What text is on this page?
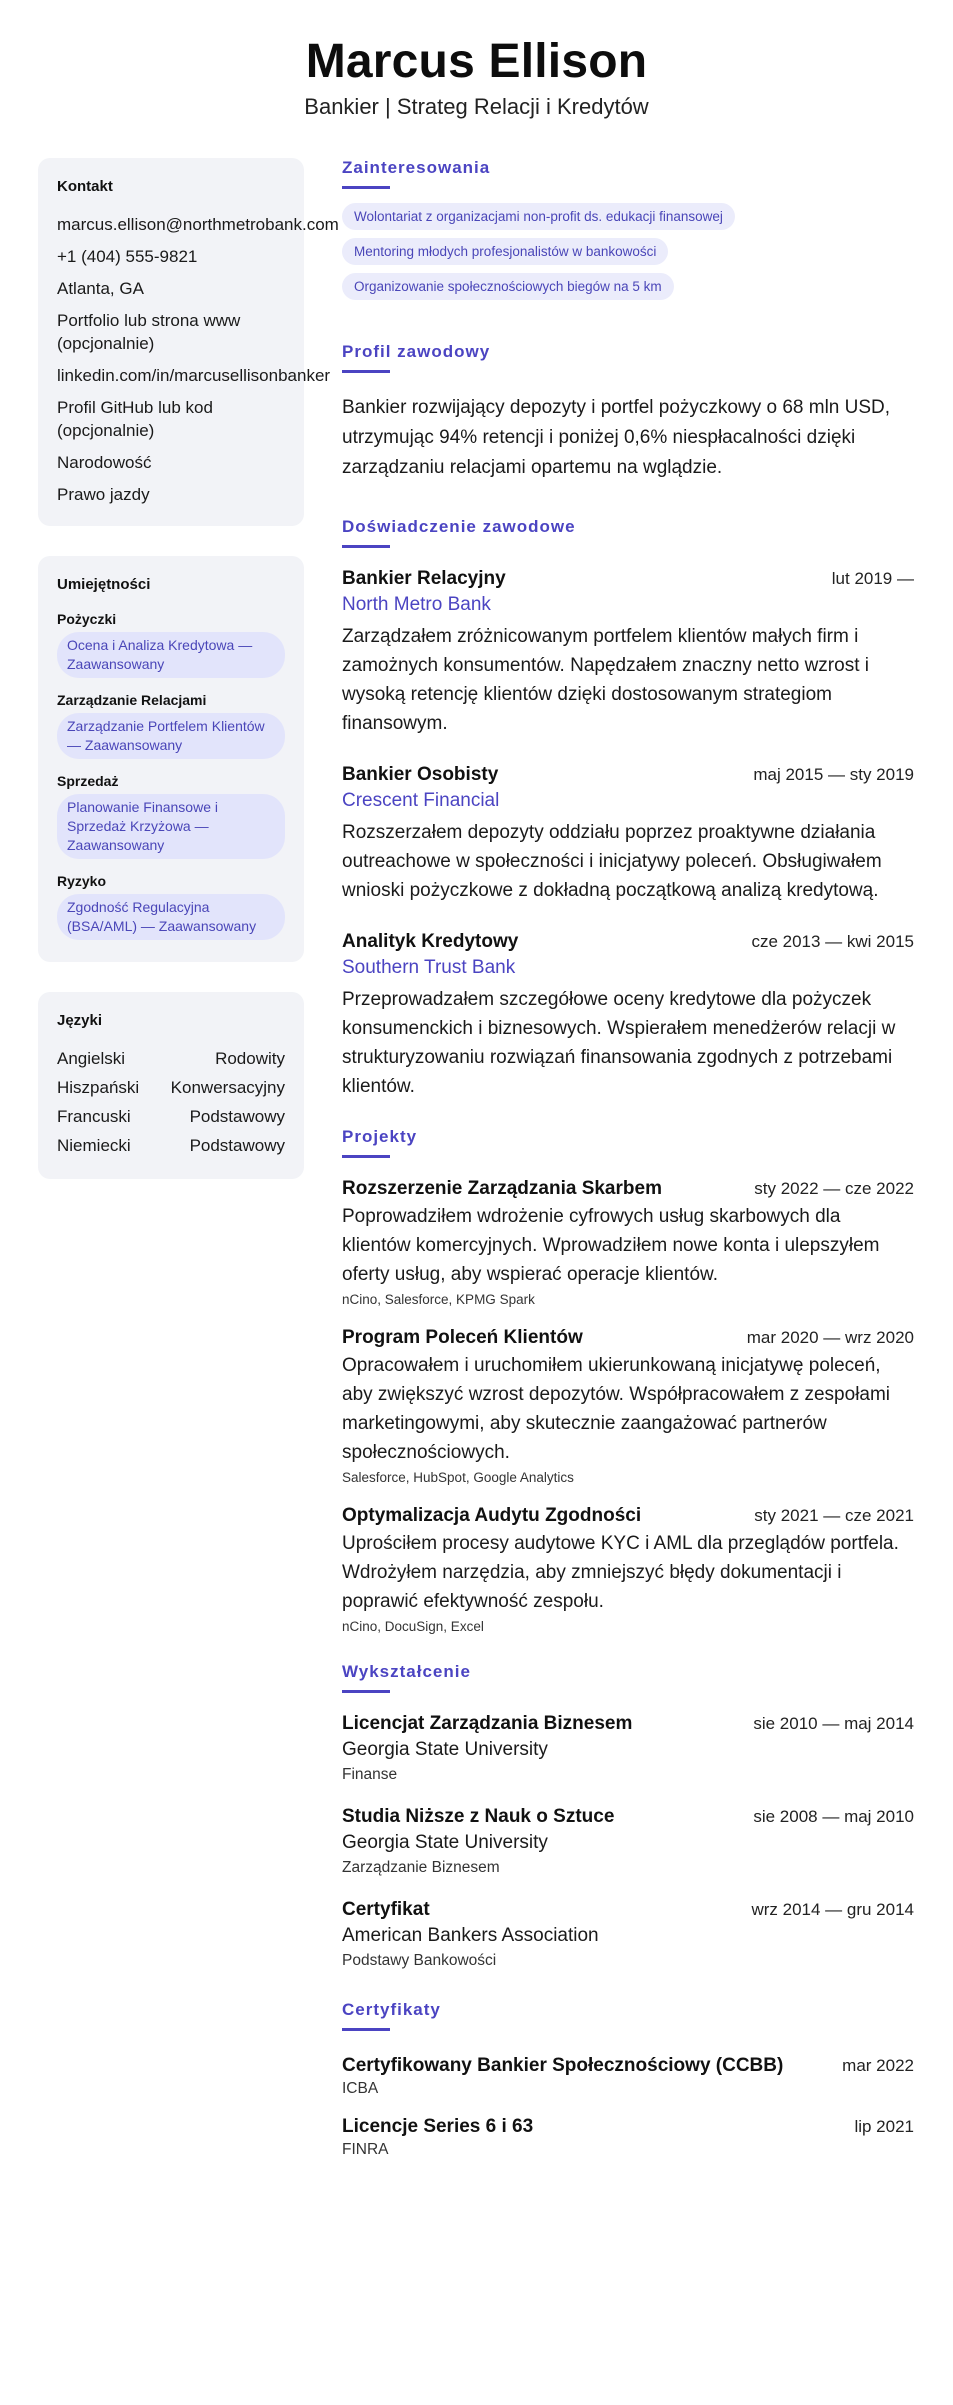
Marcus Ellison
Bankier | Strateg Relacji i Kredytów
Kontakt
marcus.ellison@northmetrobank.com
+1 (404) 555-9821
Atlanta, GA
Portfolio lub strona www (opcjonalnie)
linkedin.com/in/marcusellisonbanker
Profil GitHub lub kod (opcjonalnie)
Narodowość
Prawo jazdy
Umiejętności
Pożyczki
Ocena i Analiza Kredytowa — Zaawansowany
Zarządzanie Relacjami
Zarządzanie Portfelem Klientów — Zaawansowany
Sprzedaż
Planowanie Finansowe i Sprzedaż Krzyżowa — Zaawansowany
Ryzyko
Zgodność Regulacyjna (BSA/AML) — Zaawansowany
Języki
Angielski	Rodowity
Hiszpański Konwersacyjny
Francuski	Podstawowy
Niemiecki	Podstawowy
Zainteresowania
Wolontariat z organizacjami non-profit ds. edukacji finansowej
Mentoring młodych profesjonalistów w bankowości
Organizowanie społecznościowych biegów na 5 km
Profil zawodowy
Bankier rozwijający depozyty i portfel pożyczkowy o 68 mln USD, utrzymując 94% retencji i poniżej 0,6% niespłacalności dzięki zarządzaniu relacjami opartemu na wglądzie.
Doświadczenie zawodowe
Bankier Relacyjny	lut 2019 —
North Metro Bank
Zarządzałem zróżnicowanym portfelem klientów małych firm i zamożnych konsumentów. Napędzałem znaczny netto wzrost i wysoką retencję klientów dzięki dostosowanym strategiom finansowym.
Bankier Osobisty	maj 2015 — sty 2019
Crescent Financial
Rozszerzałem depozyty oddziału poprzez proaktywne działania outreachowe w społeczności i inicjatywy poleceń. Obsługiwałem wnioski pożyczkowe z dokładną początkową analizą kredytową.
Analityk Kredytowy	cze 2013 — kwi 2015
Southern Trust Bank
Przeprowadzałem szczegółowe oceny kredytowe dla pożyczek konsumenckich i biznesowych. Wspierałem menedżerów relacji w strukturyzowaniu rozwiązań finansowania zgodnych z potrzebami klientów.
Projekty
Rozszerzenie Zarządzania Skarbem	sty 2022 — cze 2022
Poprowadziłem wdrożenie cyfrowych usług skarbowych dla klientów komercyjnych. Wprowadziłem nowe konta i ulepszyłem oferty usług, aby wspierać operacje klientów.
nCino, Salesforce, KPMG Spark
Program Poleceń Klientów	mar 2020 — wrz 2020
Opracowałem i uruchomiłem ukierunkowaną inicjatywę poleceń, aby zwiększyć wzrost depozytów. Współpracowałem z zespołami marketingowymi, aby skutecznie zaangażować partnerów społecznościowych.
Salesforce, HubSpot, Google Analytics
Optymalizacja Audytu Zgodności	sty 2021 — cze 2021
Uprościłem procesy audytowe KYC i AML dla przeglądów portfela. Wdrożyłem narzędzia, aby zmniejszyć błędy dokumentacji i poprawić efektywność zespołu.
nCino, DocuSign, Excel
Wykształcenie
Licencjat Zarządzania Biznesem	sie 2010 — maj 2014
Georgia State University
Finanse
Studia Niższe z Nauk o Sztuce	sie 2008 — maj 2010
Georgia State University
Zarządzanie Biznesem
Certyfikat	wrz 2014 — gru 2014
American Bankers Association
Podstawy Bankowości
Certyfikaty
Certyfikowany Bankier Społecznościowy (CCBB)	mar 2022
ICBA
Licencje Series 6 i 63	lip 2021
FINRA
